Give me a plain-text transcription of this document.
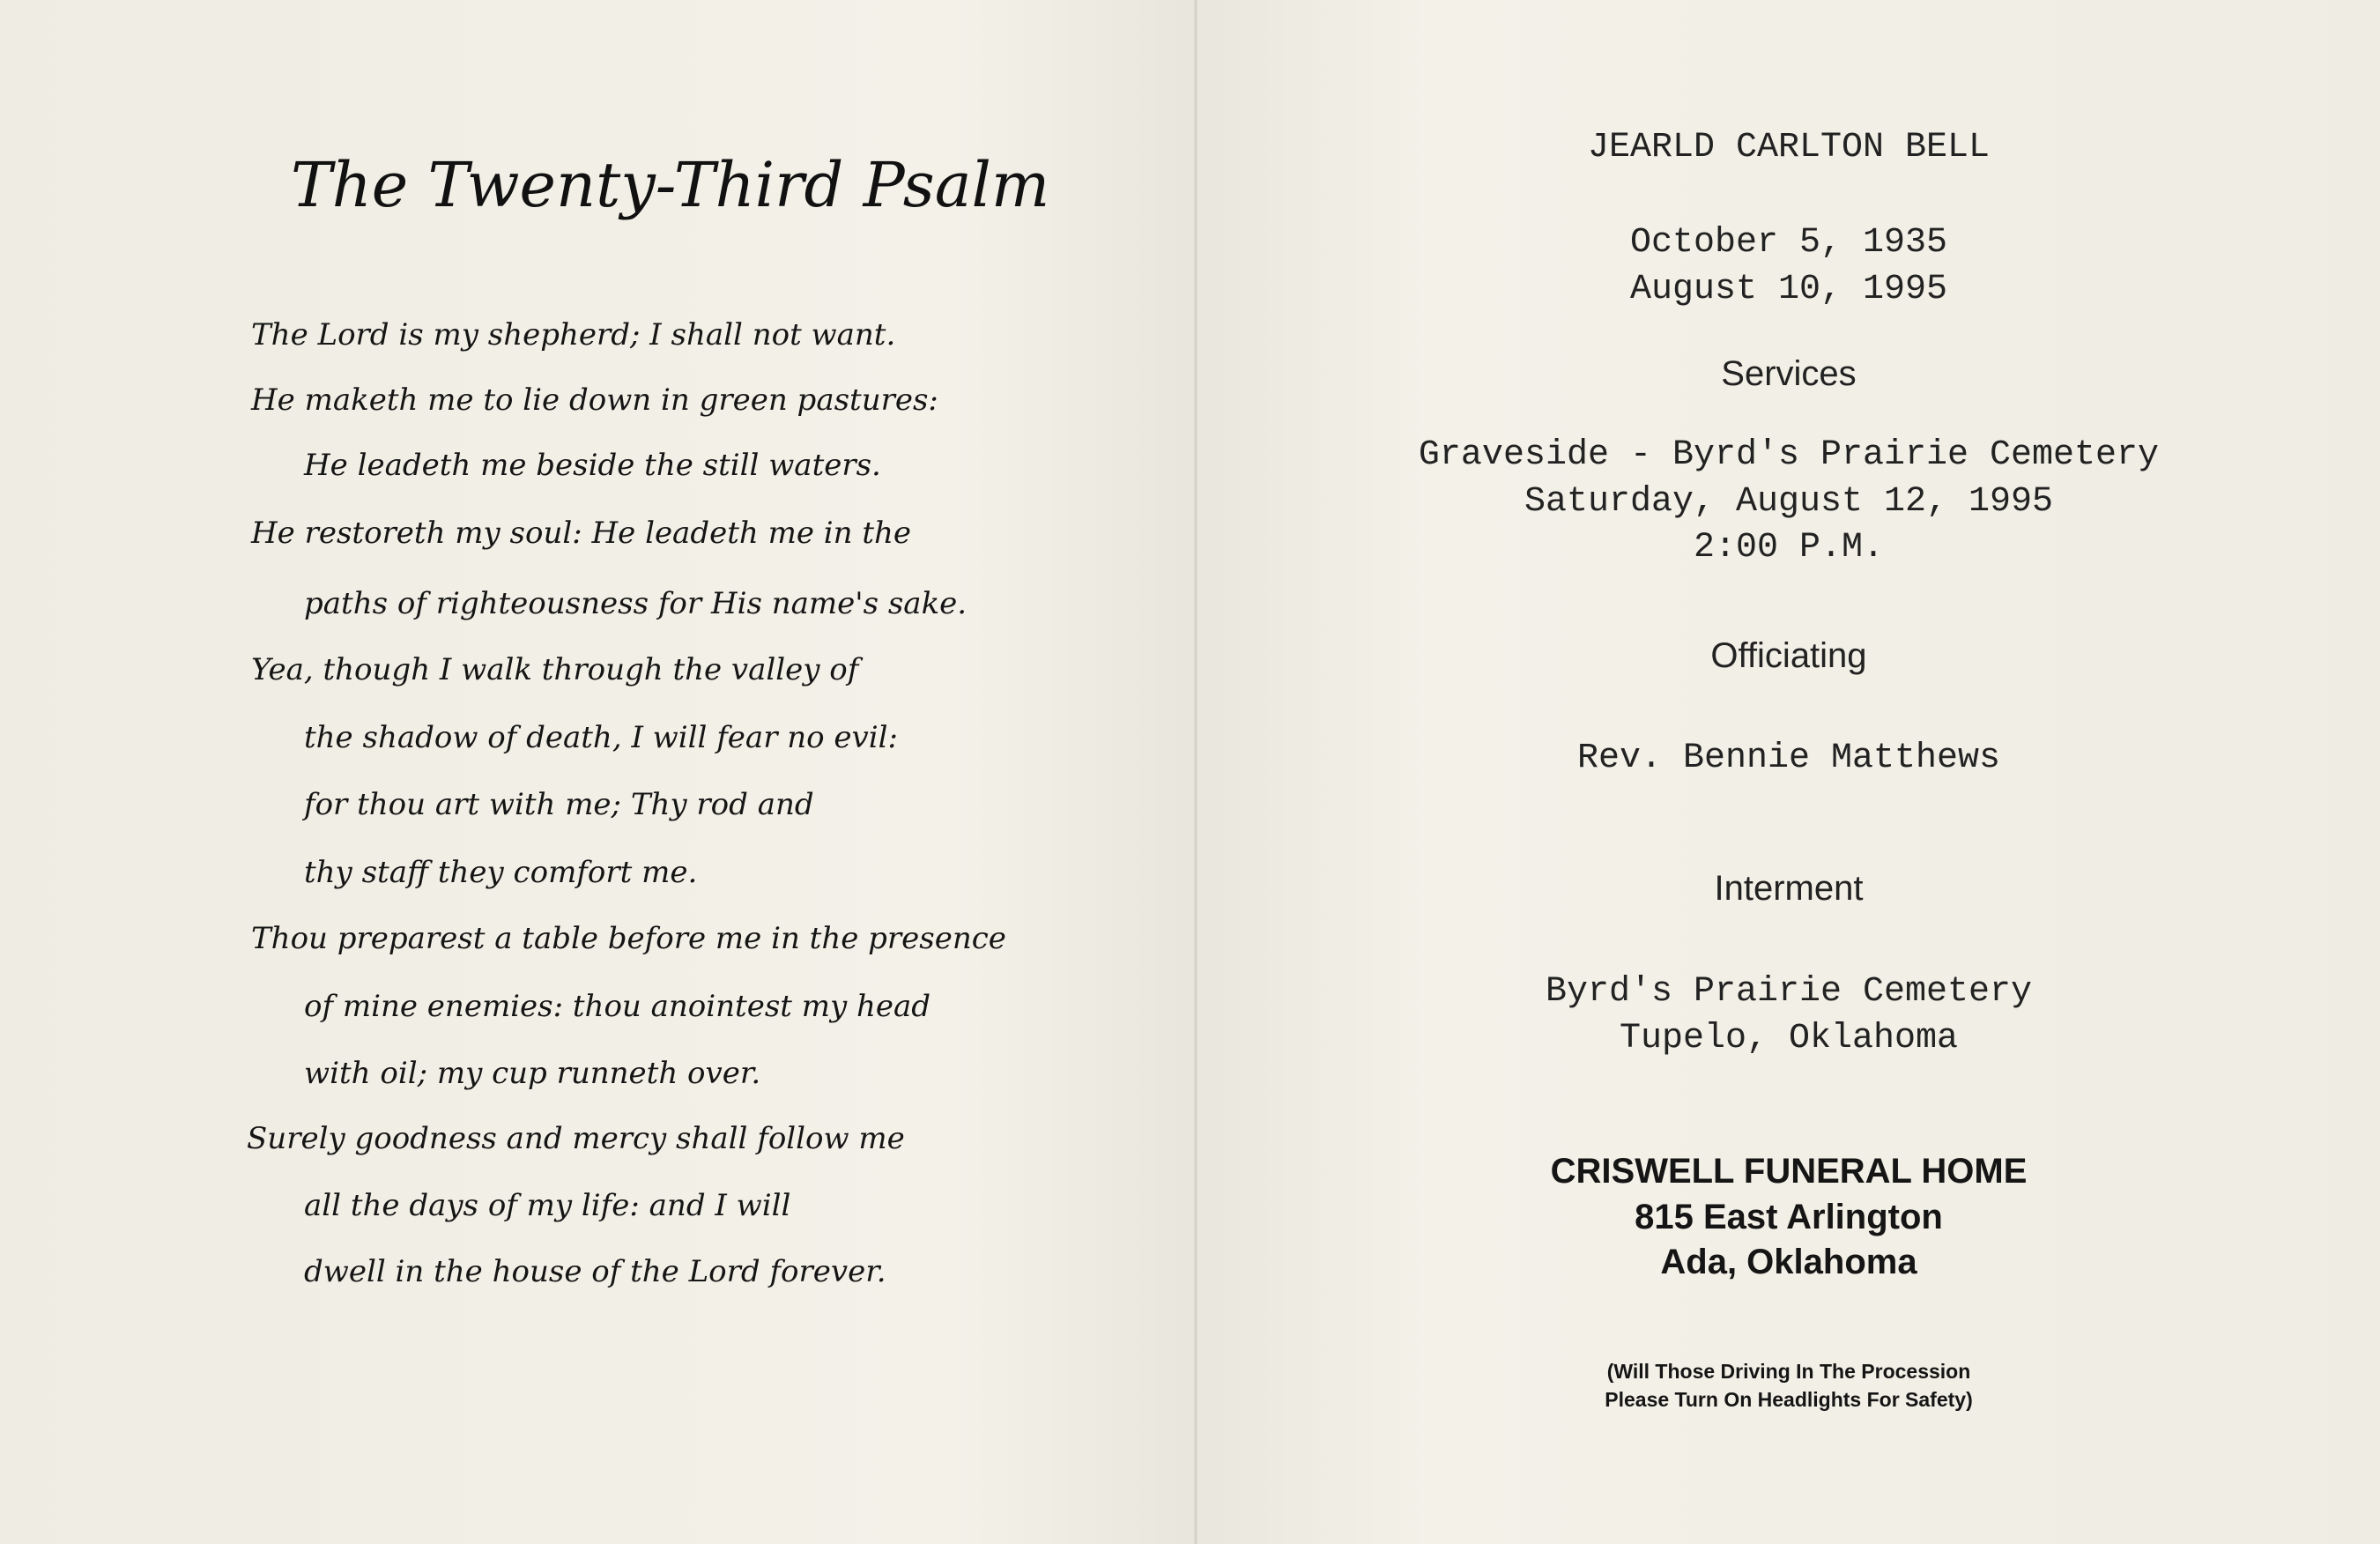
The Twenty-Third Psalm
The Lord is my shepherd; I shall not want.
He maketh me to lie down in green pastures:
He leadeth me beside the still waters.
He restoreth my soul: He leadeth me in the
paths of righteousness for His name's sake.
Yea, though I walk through the valley of
the shadow of death, I will fear no evil:
for thou art with me; Thy rod and
thy staff they comfort me.
Thou preparest a table before me in the presence
of mine enemies: thou anointest my head
with oil; my cup runneth over.
Surely goodness and mercy shall follow me
all the days of my life: and I will
dwell in the house of the Lord forever.
JEARLD CARLTON BELL
October 5, 1935
August 10, 1995
Services
Graveside - Byrd's Prairie Cemetery
Saturday, August 12, 1995
2:00 P.M.
Officiating
Rev. Bennie Matthews
Interment
Byrd's Prairie Cemetery
Tupelo, Oklahoma
CRISWELL FUNERAL HOME
815 East Arlington
Ada, Oklahoma
(Will Those Driving In The Procession
Please Turn On Headlights For Safety)
